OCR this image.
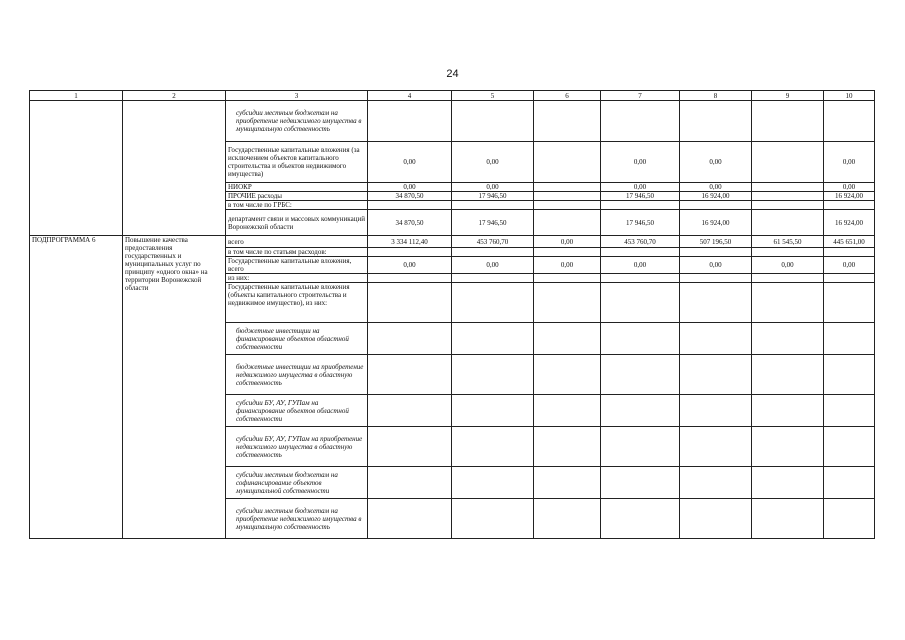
24
1	2	3	4	5	6	7	8	9	10
		субсидии местным бюджетам на приобретение недвижимого имущества в муниципальную собственность							
		Государственные капитальные вложения (за исключением объектов капитального строительства и объектов недвижимого имущества)	0,00	0,00		0,00	0,00		0,00
		НИОКР	0,00	0,00		0,00	0,00		0,00
		ПРОЧИЕ расходы	34 870,50	17 946,50		17 946,50	16 924,00		16 924,00
		в том числе по ГРБС:							
		департамент связи и массовых коммуникаций Воронежской области	34 870,50	17 946,50		17 946,50	16 924,00		16 924,00
ПОДПРОГРАММА 6	Повышение качества предоставления государственных и муниципальных услуг по принципу «одного окна» на территории Воронежской области	всего	3 334 112,40	453 760,70	0,00	453 760,70	507 196,50	61 545,50	445 651,00
		в том числе по статьям расходов:							
		Государственные капитальные вложения, всего	0,00	0,00	0,00	0,00	0,00	0,00	0,00
		из них:							
		Государственные капитальные вложения (объекты капитального строительства и недвижимое имущество), из них:							
		бюджетные инвестиции на финансирование объектов областной собственности							
		бюджетные инвестиции на приобретение недвижимого имущества в областную собственность							
		субсидии БУ, АУ, ГУПам на финансирование объектов областной собственности							
		субсидии БУ, АУ, ГУПам на приобретение недвижимого имущества в областную собственность							
		субсидии местным бюджетам на софинансирование объектов муниципальной собственности							
		субсидии местным бюджетам на приобретение недвижимого имущества в муниципальную собственность							
